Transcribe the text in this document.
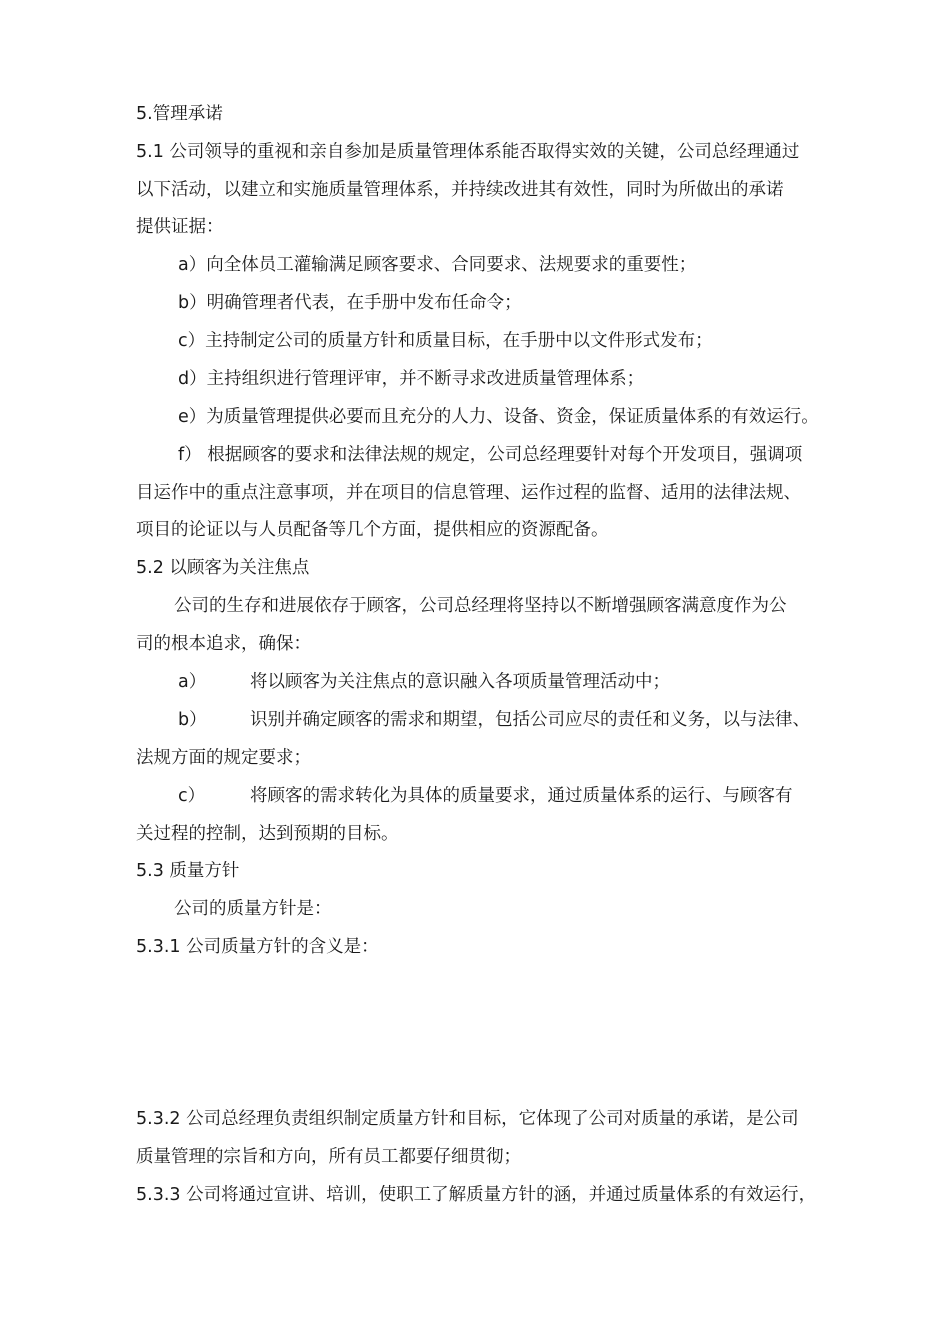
5.管理承诺
5.1 公司领导的重视和亲自参加是质量管理体系能否取得实效的关键，公司总经理通过
以下活动，以建立和实施质量管理体系，并持续改进其有效性，同时为所做出的承诺
提供证据：
a）向全体员工灌输满足顾客要求、合同要求、法规要求的重要性；
b）明确管理者代表，在手册中发布任命令；
c）主持制定公司的质量方针和质量目标，在手册中以文件形式发布；
d）主持组织进行管理评审，并不断寻求改进质量管理体系；
e）为质量管理提供必要而且充分的人力、设备、资金，保证质量体系的有效运行。
f） 根据顾客的要求和法律法规的规定，公司总经理要针对每个开发项目，强调项
目运作中的重点注意事项，并在项目的信息管理、运作过程的监督、适用的法律法规、
项目的论证以与人员配备等几个方面，提供相应的资源配备。
5.2 以顾客为关注焦点
公司的生存和进展依存于顾客，公司总经理将坚持以不断增强顾客满意度作为公
司的根本追求，确保：
a）	将以顾客为关注焦点的意识融入各项质量管理活动中；
b） 识别并确定顾客的需求和期望，包括公司应尽的责任和义务，以与法律、
法规方面的规定要求；
c）	将顾客的需求转化为具体的质量要求，通过质量体系的运行、与顾客有
关过程的控制，达到预期的目标。
5.3 质量方针
公司的质量方针是：
5.3.1 公司质量方针的含义是：
5.3.2 公司总经理负责组织制定质量方针和目标，它体现了公司对质量的承诺，是公司
质量管理的宗旨和方向，所有员工都要仔细贯彻；
5.3.3 公司将通过宣讲、培训，使职工了解质量方针的涵，并通过质量体系的有效运行，
